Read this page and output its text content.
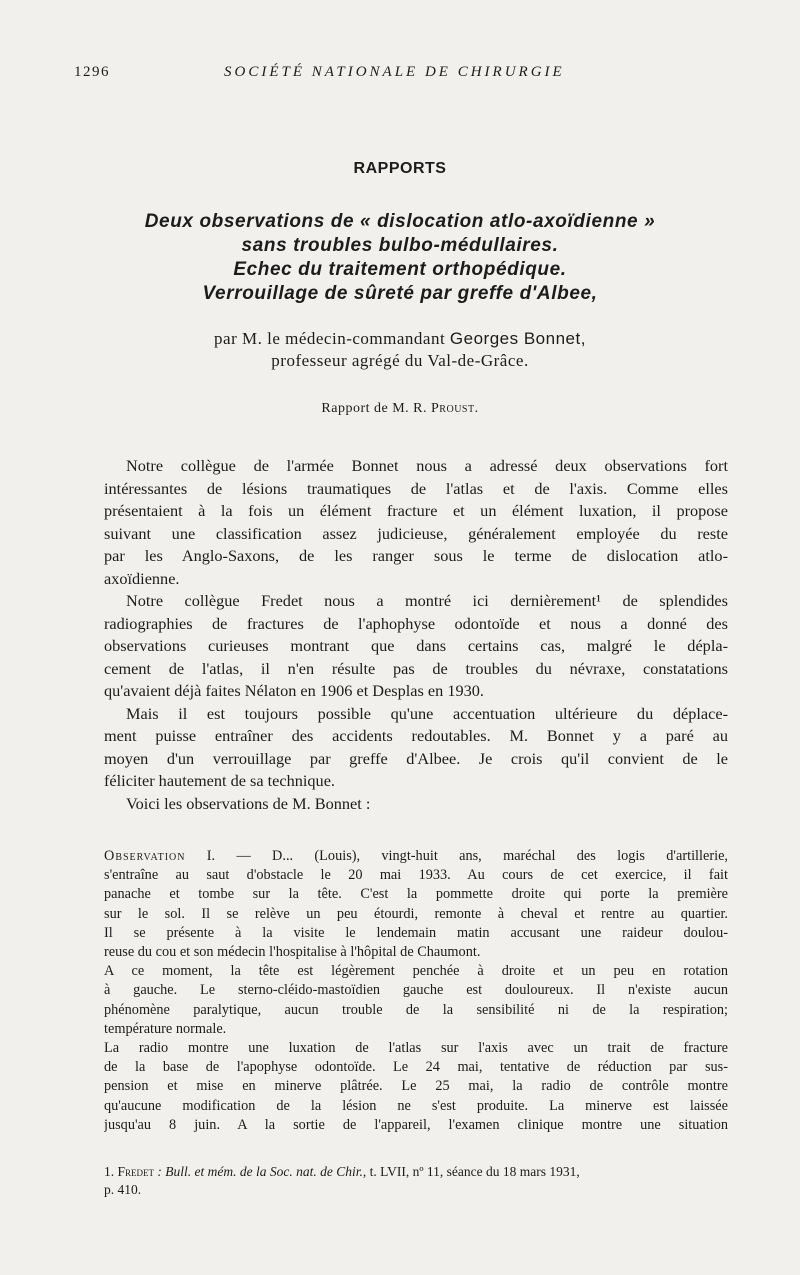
1296	SOCIÉTÉ NATIONALE DE CHIRURGIE
RAPPORTS
Deux observations de « dislocation atlo-axoïdienne »
sans troubles bulbo-médullaires.
Echec du traitement orthopédique.
Verrouillage de sûreté par greffe d'Albee,
par M. le médecin-commandant Georges Bonnet,
professeur agrégé du Val-de-Grâce.
Rapport de M. R. Proust.
Notre collègue de l'armée Bonnet nous a adressé deux observations fort
intéressantes de lésions traumatiques de l'atlas et de l'axis. Comme elles
présentaient à la fois un élément fracture et un élément luxation, il propose
suivant une classification assez judicieuse, généralement employée du reste
par les Anglo-Saxons, de les ranger sous le terme de dislocation atlo-
axoïdienne.
Notre collègue Fredet nous a montré ici dernièrement¹ de splendides
radiographies de fractures de l'aphophyse odontoïde et nous a donné des
observations curieuses montrant que dans certains cas, malgré le dépla-
cement de l'atlas, il n'en résulte pas de troubles du névraxe, constatations
qu'avaient déjà faites Nélaton en 1906 et Desplas en 1930.
Mais il est toujours possible qu'une accentuation ultérieure du déplace-
ment puisse entraîner des accidents redoutables. M. Bonnet y a paré au
moyen d'un verrouillage par greffe d'Albee. Je crois qu'il convient de le
féliciter hautement de sa technique.
Voici les observations de M. Bonnet :
Observation I. — D... (Louis), vingt-huit ans, maréchal des logis d'artillerie,
s'entraîne au saut d'obstacle le 20 mai 1933. Au cours de cet exercice, il fait
panache et tombe sur la tête. C'est la pommette droite qui porte la première
sur le sol. Il se relève un peu étourdi, remonte à cheval et rentre au quartier.
Il se présente à la visite le lendemain matin accusant une raideur doulou-
reuse du cou et son médecin l'hospitalise à l'hôpital de Chaumont.
A ce moment, la tête est légèrement penchée à droite et un peu en rotation
à gauche. Le sterno-cléido-mastoïdien gauche est douloureux. Il n'existe aucun
phénomène paralytique, aucun trouble de la sensibilité ni de la respiration;
température normale.
La radio montre une luxation de l'atlas sur l'axis avec un trait de fracture
de la base de l'apophyse odontoïde. Le 24 mai, tentative de réduction par sus-
pension et mise en minerve plâtrée. Le 25 mai, la radio de contrôle montre
qu'aucune modification de la lésion ne s'est produite. La minerve est laissée
jusqu'au 8 juin. A la sortie de l'appareil, l'examen clinique montre une situation
1. Fredet : Bull. et mém. de la Soc. nat. de Chir., t. LVII, nº 11, séance du 18 mars 1931,
p. 410.
